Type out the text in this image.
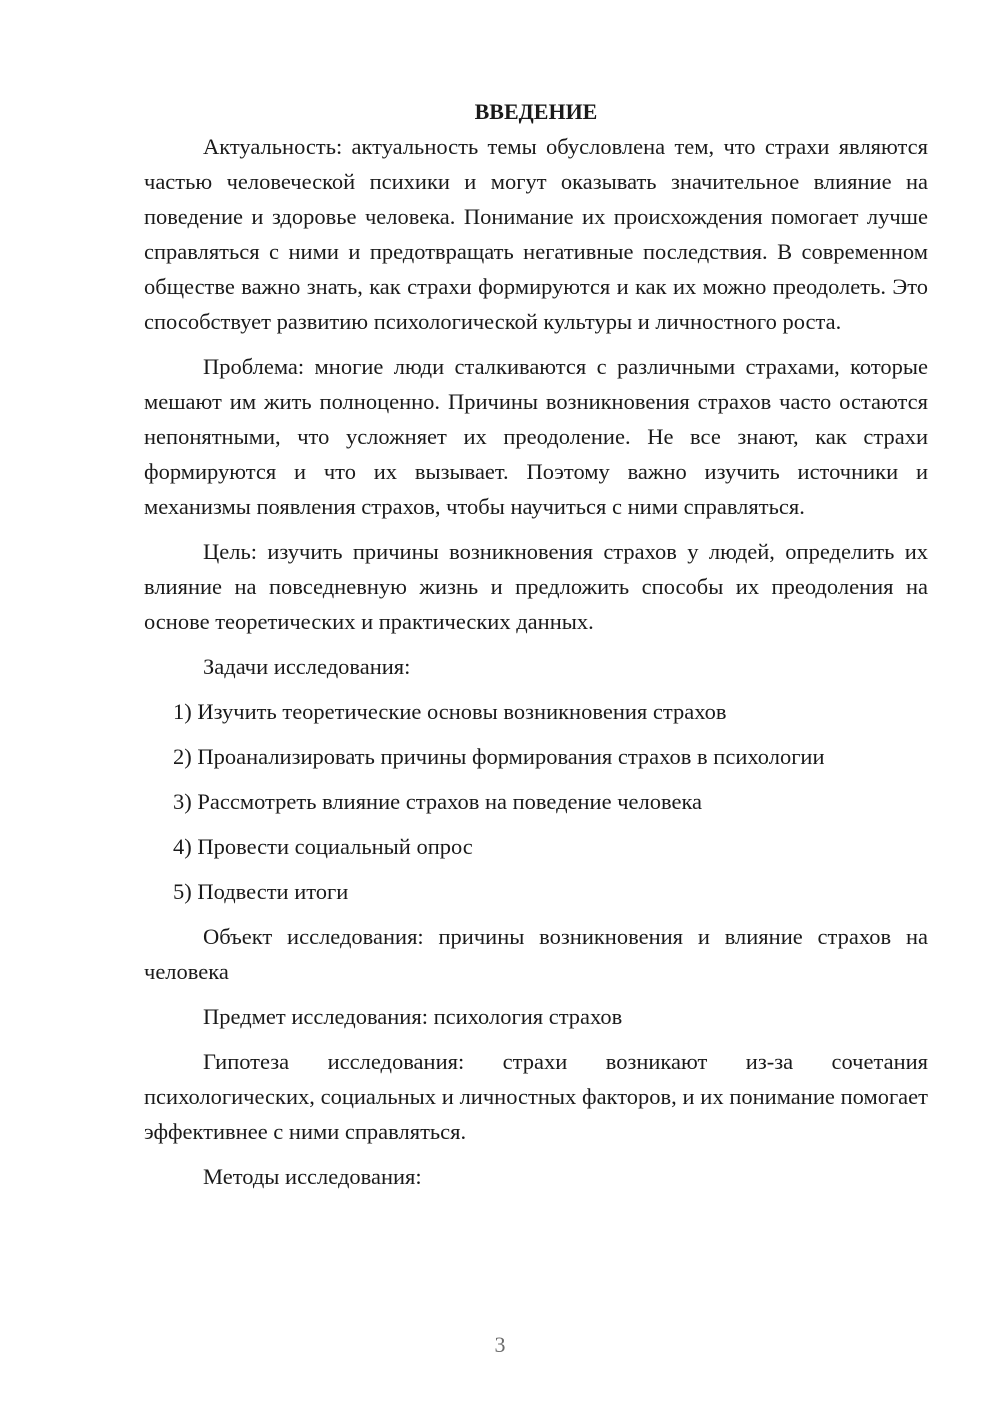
ВВЕДЕНИЕ

Актуальность: актуальность темы обусловлена тем, что страхи являются частью человеческой психики и могут оказывать значительное влияние на поведение и здоровье человека. Понимание их происхождения помогает лучше справляться с ними и предотвращать негативные последствия. В современном обществе важно знать, как страхи формируются и как их можно преодолеть. Это способствует развитию психологической культуры и личностного роста.

Проблема: многие люди сталкиваются с различными страхами, которые мешают им жить полноценно. Причины возникновения страхов часто остаются непонятными, что усложняет их преодоление. Не все знают, как страхи формируются и что их вызывает. Поэтому важно изучить источники и механизмы появления страхов, чтобы научиться с ними справляться.

Цель: изучить причины возникновения страхов у людей, определить их влияние на повседневную жизнь и предложить способы их преодоления на основе теоретических и практических данных.

Задачи исследования:

1) Изучить теоретические основы возникновения страхов
2) Проанализировать причины формирования страхов в психологии
3) Рассмотреть влияние страхов на поведение человека
4) Провести социальный опрос
5) Подвести итоги

Объект исследования: причины возникновения и влияние страхов на человека

Предмет исследования: психология страхов

Гипотеза исследования: страхи возникают из-за сочетания психологических, социальных и личностных факторов, и их понимание помогает эффективнее с ними справляться.

Методы исследования:

3
